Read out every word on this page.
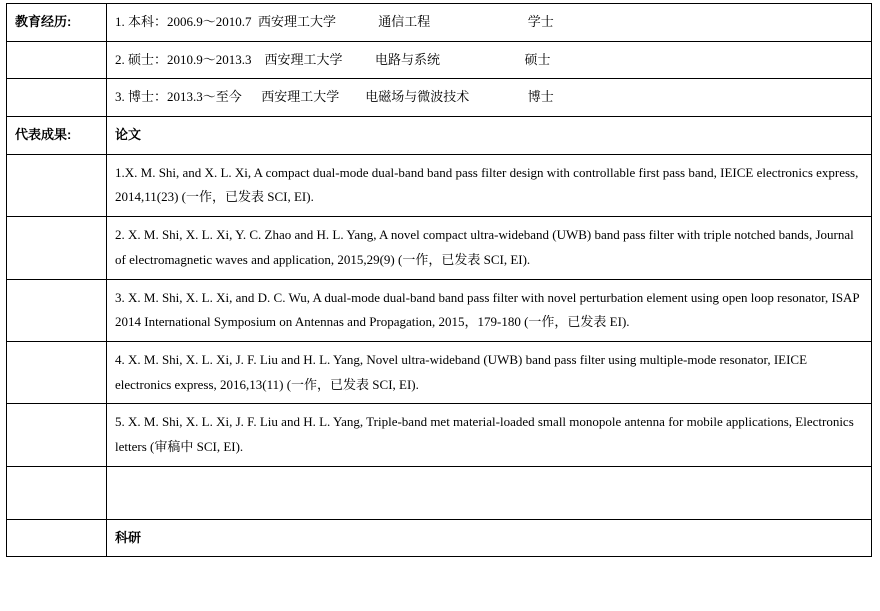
教育经历:	1. 本科：2006.9～2010.7  西安理工大学             通信工程                              学士
	2. 硕士：2010.9～2013.3    西安理工大学          电路与系统                          硕士
	3. 博士：2013.3～至今      西安理工大学        电磁场与微波技术                  博士
代表成果:	论文
	1.X. M. Shi, and X. L. Xi, A compact dual-mode dual-band band pass filter design with controllable first pass band, IEICE electronics express, 2014,11(23) (一作，已发表 SCI, EI).
	2. X. M. Shi, X. L. Xi, Y. C. Zhao and H. L. Yang, A novel compact ultra-wideband (UWB) band pass filter with triple notched bands, Journal of electromagnetic waves and application, 2015,29(9) (一作，已发表 SCI, EI).
	3. X. M. Shi, X. L. Xi, and D. C. Wu, A dual-mode dual-band band pass filter with novel perturbation element using open loop resonator, ISAP 2014 International Symposium on Antennas and Propagation, 2015，179-180 (一作，已发表 EI).
	4. X. M. Shi, X. L. Xi, J. F. Liu and H. L. Yang, Novel ultra-wideband (UWB) band pass filter using multiple-mode resonator, IEICE electronics express, 2016,13(11) (一作，已发表 SCI, EI).
	5. X. M. Shi, X. L. Xi, J. F. Liu and H. L. Yang, Triple-band met material-loaded small monopole antenna for mobile applications, Electronics letters (审稿中 SCI, EI).

	科研
